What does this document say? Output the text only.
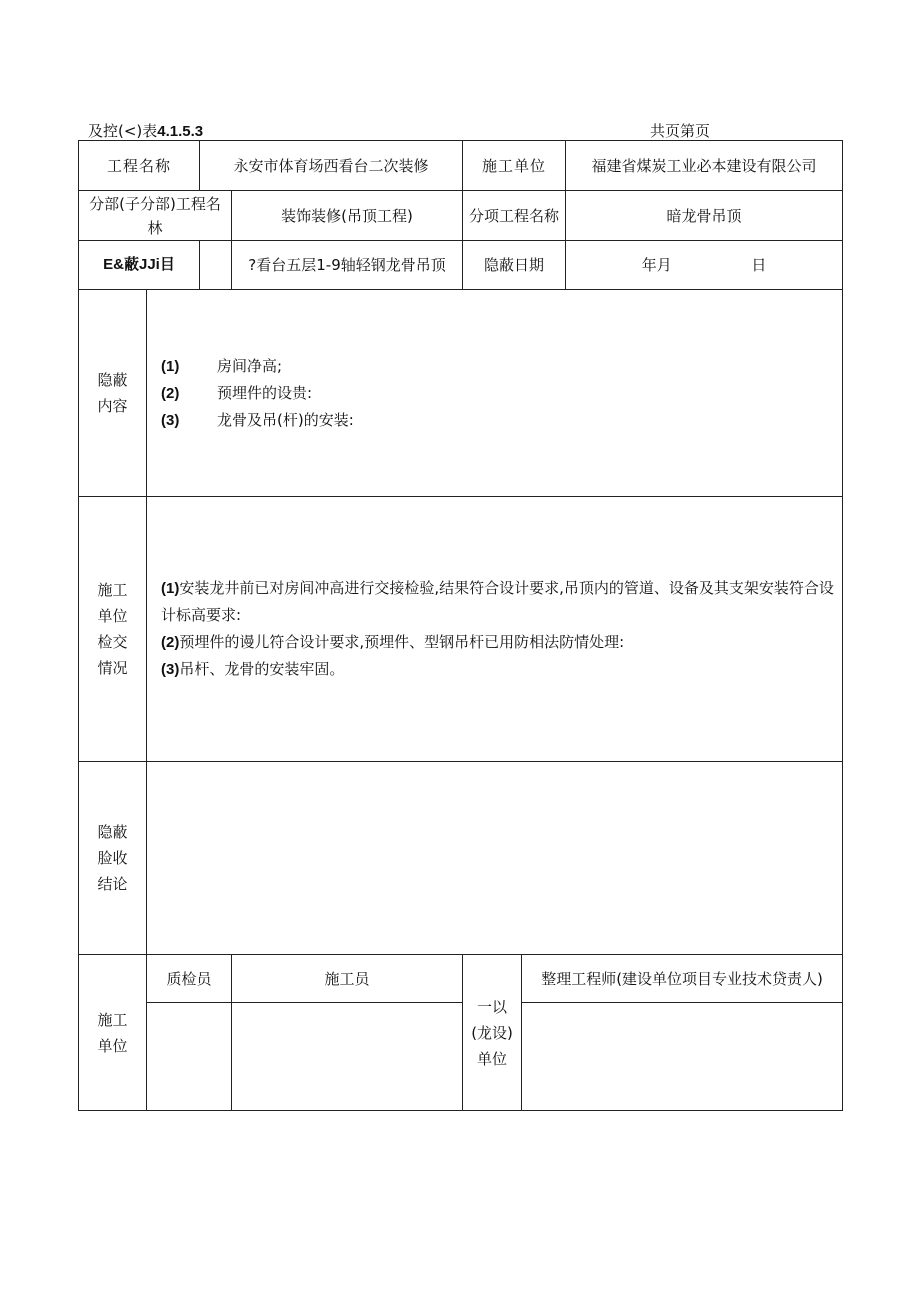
及控(<)表4.1.5.3	共页第页
工程名称		永安市体育场西看台二次装修		施工单位		福建省煤炭工业必本建设有限公司
分部(子分部)工程名林			装饰装修(吊顶工程)	分项工程名称		暗龙骨吊顶
E&蔽JJi目			?看台五层1-9轴轻钢龙骨吊顶	隐蔽日期		年月 日

隐蔽内容	(1) 房间净高;
(2) 预埋件的设贵:
(3) 龙骨及吊(杆)的安装:					

施工单位检交情况	(1)安装龙井前已对房间冲高进行交接检验,结果符合设计要求,吊顶内的管道、设备及其支架安装符合设计标高要求:
(2)预埋件的谩儿符合设计要求,预埋件、型钢吊杆已用防相法防情处理:
(3)吊杆、龙骨的安装牢固。					

隐蔽脸收结论						

施工单位	质检员		施工员	一以(龙设)单位	整理工程师(建设单位项目专业技术贷责人)	
